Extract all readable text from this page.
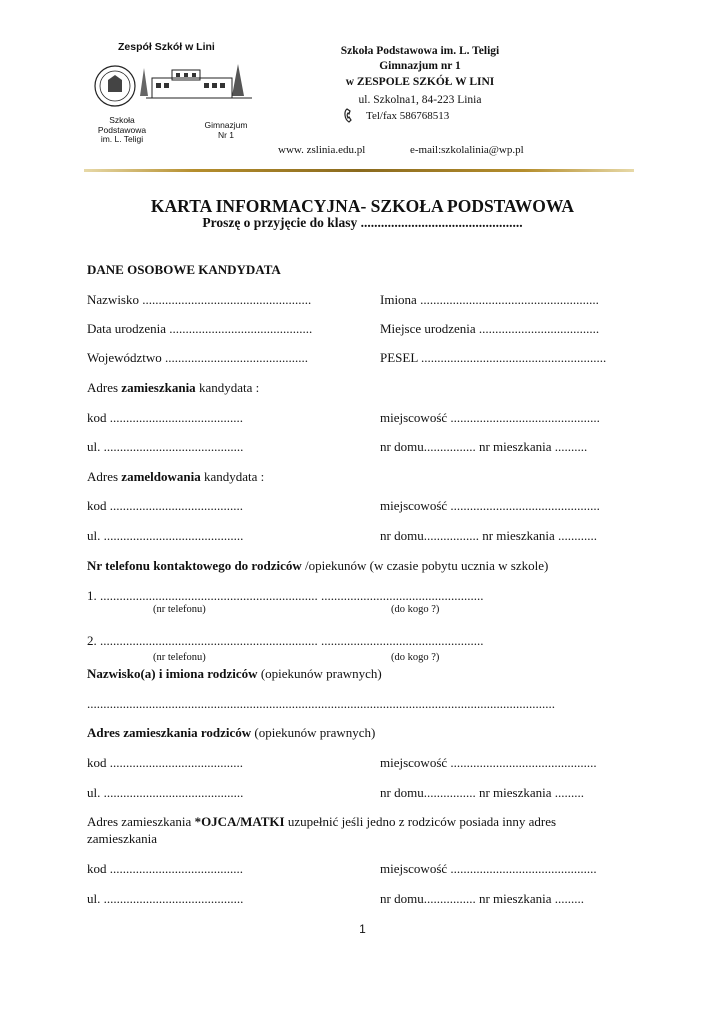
Zespół Szkół w Lini
Szkoła
Podstawowa
im. L. Teligi
Gimnazjum
Nr 1
Szkoła Podstawowa im. L. Teligi
Gimnazjum nr 1
w ZESPOLE SZKÓŁ W LINI
ul. Szkolna1, 84-223 Linia
Tel/fax 586768513
www. zslinia.edu.pl	e-mail:szkolalinia@wp.pl
KARTA INFORMACYJNA- SZKOŁA PODSTAWOWA
Proszę o przyjęcie do klasy ................................................
DANE OSOBOWE KANDYDATA
Nazwisko ....................................................	Imiona .......................................................
Data urodzenia ............................................	Miejsce urodzenia .....................................
Województwo ............................................	PESEL .........................................................
Adres zamieszkania kandydata :
kod .........................................	miejscowość ..............................................
ul. ...........................................	nr domu................ nr mieszkania ..........
Adres zameldowania kandydata :
kod .........................................	miejscowość ..............................................
ul. ...........................................	nr domu................. nr mieszkania ............
Nr telefonu kontaktowego do rodziców /opiekunów (w czasie pobytu ucznia w szkole)
1. ................................................................... ..................................................
(nr telefonu)	(do kogo ?)
2. ................................................................... ..................................................
(nr telefonu)	(do kogo ?)
Nazwisko(a) i imiona rodziców (opiekunów prawnych)
................................................................................................................................................
Adres zamieszkania rodziców (opiekunów prawnych)
kod .........................................	miejscowość .............................................
ul. ...........................................	nr domu................ nr mieszkania .........
Adres zamieszkania *OJCA/MATKI uzupełnić jeśli jedno z rodziców posiada inny adres
zamieszkania
kod .........................................	miejscowość .............................................
ul. ...........................................	nr domu................ nr mieszkania .........
1
